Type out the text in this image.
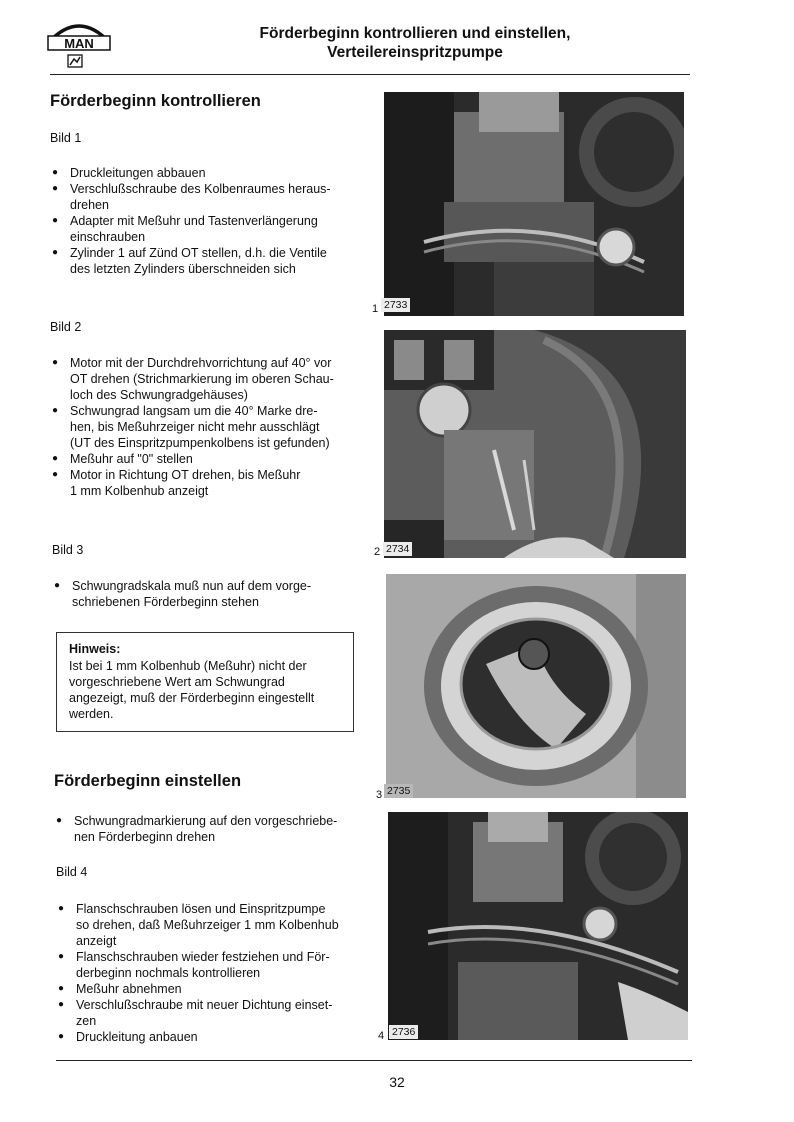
MAN
Förderbeginn kontrollieren und einstellen,
Verteilereinspritzpumpe
Förderbeginn kontrollieren
Bild 1
● Druckleitungen abbauen
● Verschlußschraube des Kolbenraumes heraus-
drehen
● Adapter mit Meßuhr und Tastenverlängerung
einschrauben
● Zylinder 1 auf Zünd OT stellen, d.h. die Ventile
des letzten Zylinders überschneiden sich
Bild 2
● Motor mit der Durchdrehvorrichtung auf 40° vor
OT drehen (Strichmarkierung im oberen Schau-
loch des Schwungradgehäuses)
● Schwungrad langsam um die 40° Marke dre-
hen, bis Meßuhrzeiger nicht mehr ausschlägt
(UT des Einspritzpumpenkolbens ist gefunden)
● Meßuhr auf "0" stellen
● Motor in Richtung OT drehen, bis Meßuhr
1 mm Kolbenhub anzeigt
Bild 3
● Schwungradskala muß nun auf dem vorge-
schriebenen Förderbeginn stehen
Hinweis:
Ist bei 1 mm Kolbenhub (Meßuhr) nicht der
vorgeschriebene Wert am Schwungrad
angezeigt, muß der Förderbeginn eingestellt
werden.
Förderbeginn einstellen
● Schwungradmarkierung auf den vorgeschriebe-
nen Förderbeginn drehen
Bild 4
● Flanschschrauben lösen und Einspritzpumpe
so drehen, daß Meßuhrzeiger 1 mm Kolbenhub
anzeigt
● Flanschschrauben wieder festziehen und För-
derbeginn nochmals kontrollieren
● Meßuhr abnehmen
● Verschlußschraube mit neuer Dichtung einset-
zen
● Druckleitung anbauen
1 2733
2 2734
3 2735
4 2736
32
